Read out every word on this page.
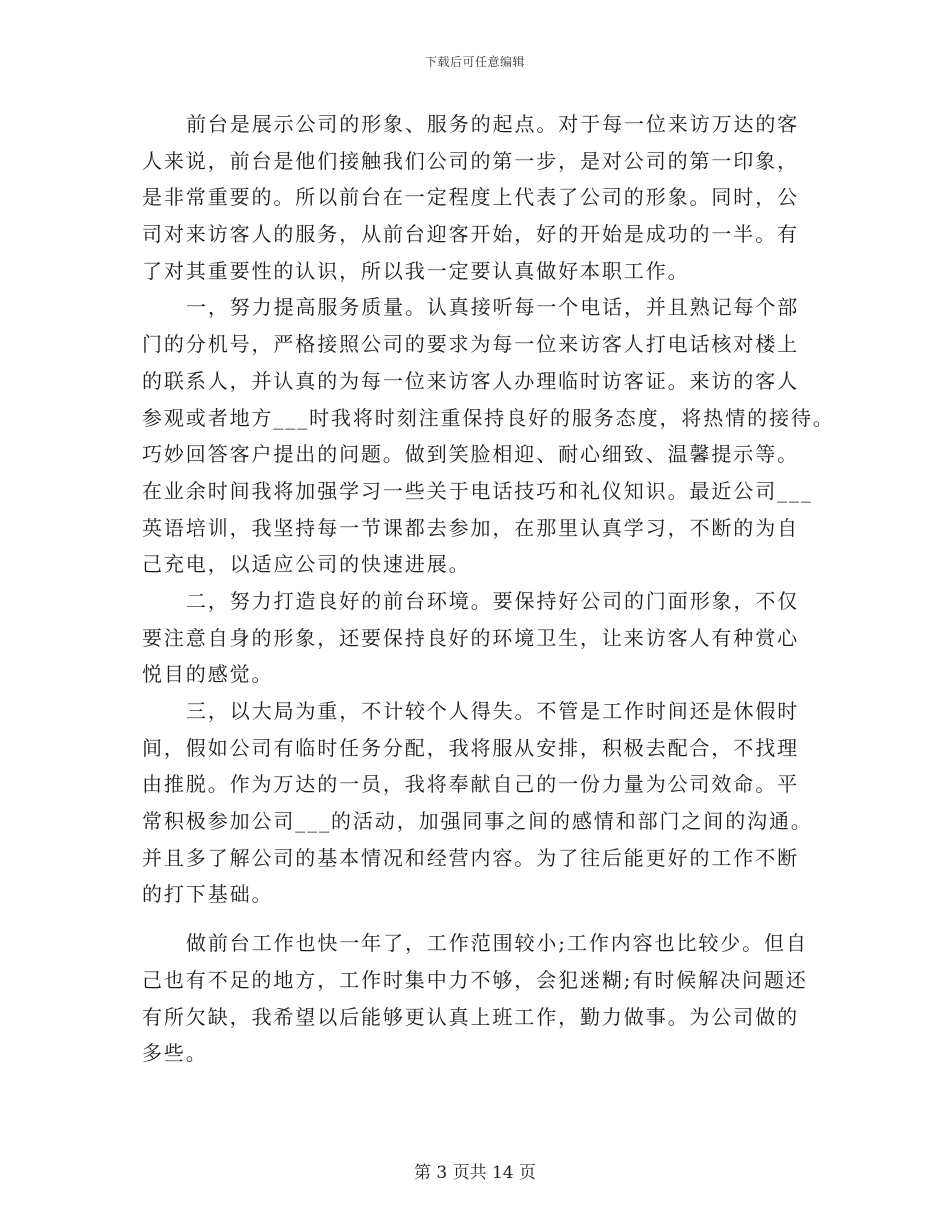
下载后可任意编辑
前台是展示公司的形象、服务的起点。对于每一位来访万达的客
人来说，前台是他们接触我们公司的第一步，是对公司的第一印象，
是非常重要的。所以前台在一定程度上代表了公司的形象。同时，公
司对来访客人的服务，从前台迎客开始，好的开始是成功的一半。有
了对其重要性的认识，所以我一定要认真做好本职工作。
一，努力提高服务质量。认真接听每一个电话，并且熟记每个部
门的分机号，严格接照公司的要求为每一位来访客人打电话核对楼上
的联系人，并认真的为每一位来访客人办理临时访客证。来访的客人
参观或者地方___时我将时刻注重保持良好的服务态度，将热情的接待。
巧妙回答客户提出的问题。做到笑脸相迎、耐心细致、温馨提示等。
在业余时间我将加强学习一些关于电话技巧和礼仪知识。最近公司___
英语培训，我坚持每一节课都去参加，在那里认真学习，不断的为自
己充电，以适应公司的快速进展。
二，努力打造良好的前台环境。要保持好公司的门面形象，不仅
要注意自身的形象，还要保持良好的环境卫生，让来访客人有种赏心
悦目的感觉。
三，以大局为重，不计较个人得失。不管是工作时间还是休假时
间，假如公司有临时任务分配，我将服从安排，积极去配合，不找理
由推脱。作为万达的一员，我将奉献自己的一份力量为公司效命。平
常积极参加公司___的活动，加强同事之间的感情和部门之间的沟通。
并且多了解公司的基本情况和经营内容。为了往后能更好的工作不断
的打下基础。
做前台工作也快一年了，工作范围较小;工作内容也比较少。但自
己也有不足的地方，工作时集中力不够，会犯迷糊;有时候解决问题还
有所欠缺，我希望以后能够更认真上班工作，勤力做事。为公司做的
多些。
第 3 页共 14 页
